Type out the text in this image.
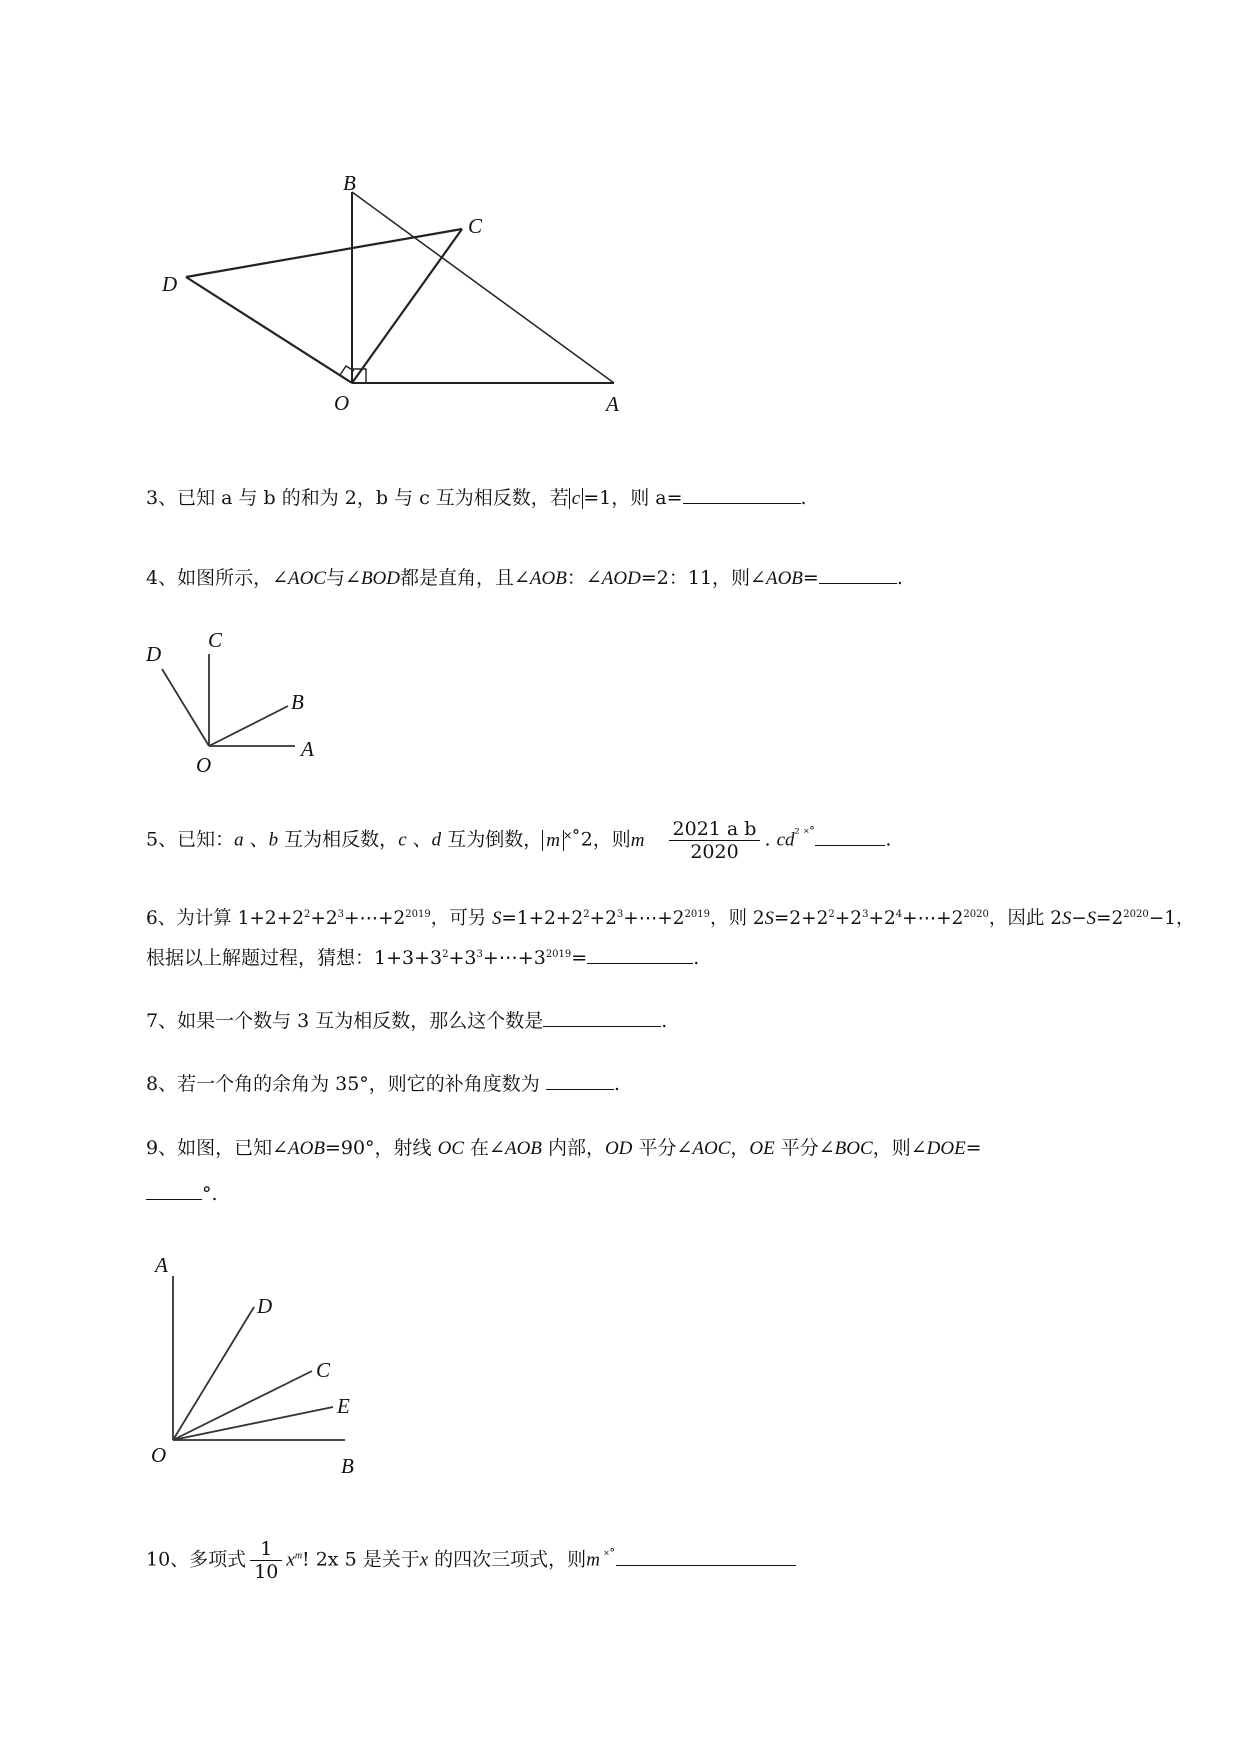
B
C
D
O	A
3、已知 a 与 b 的和为 2，b 与 c 互为相反数，若 c =1，则 a=	.
4、如图所示，∠AOC与∠BOD都是直角，且∠AOB：∠AOD=2：11，则∠AOB=	.
D
C
B
A
O
5、已知：a 、b 互为相反数，c 、d 互为倒数， m ˟˚2，则m $\frac{\text{2021 a b}}{2020}$ . $cd^{^2 ˟˚}$	.
6、为计算 $1+2+2^2+2^3+\cdots+2^{2019}$，可另 $S=1+2+2^2+2^3+\cdots+2^{2019}$，则 $2S=2+2^2+2^3+2^4+\cdots+2^{2020}$，因此 $2S-S=2^{2020}-1$，
根据以上解题过程，猜想：$1+3+3^2+3^3+\cdots+3^{2019}=$	.
7、如果一个数与 3 互为相反数，那么这个数是	.
8、若一个角的余角为 35°，则它的补角度数为	.
9、如图，已知∠AOB=90°，射线 OC 在∠AOB 内部，OD 平分∠AOC，OE 平分∠BOC，则∠DOE=
°.
A
D
C
E
O	B
10、多项式 $\frac{1}{10} x^m$! 2x 5 是关于x 的四次三项式，则m ˟˚
